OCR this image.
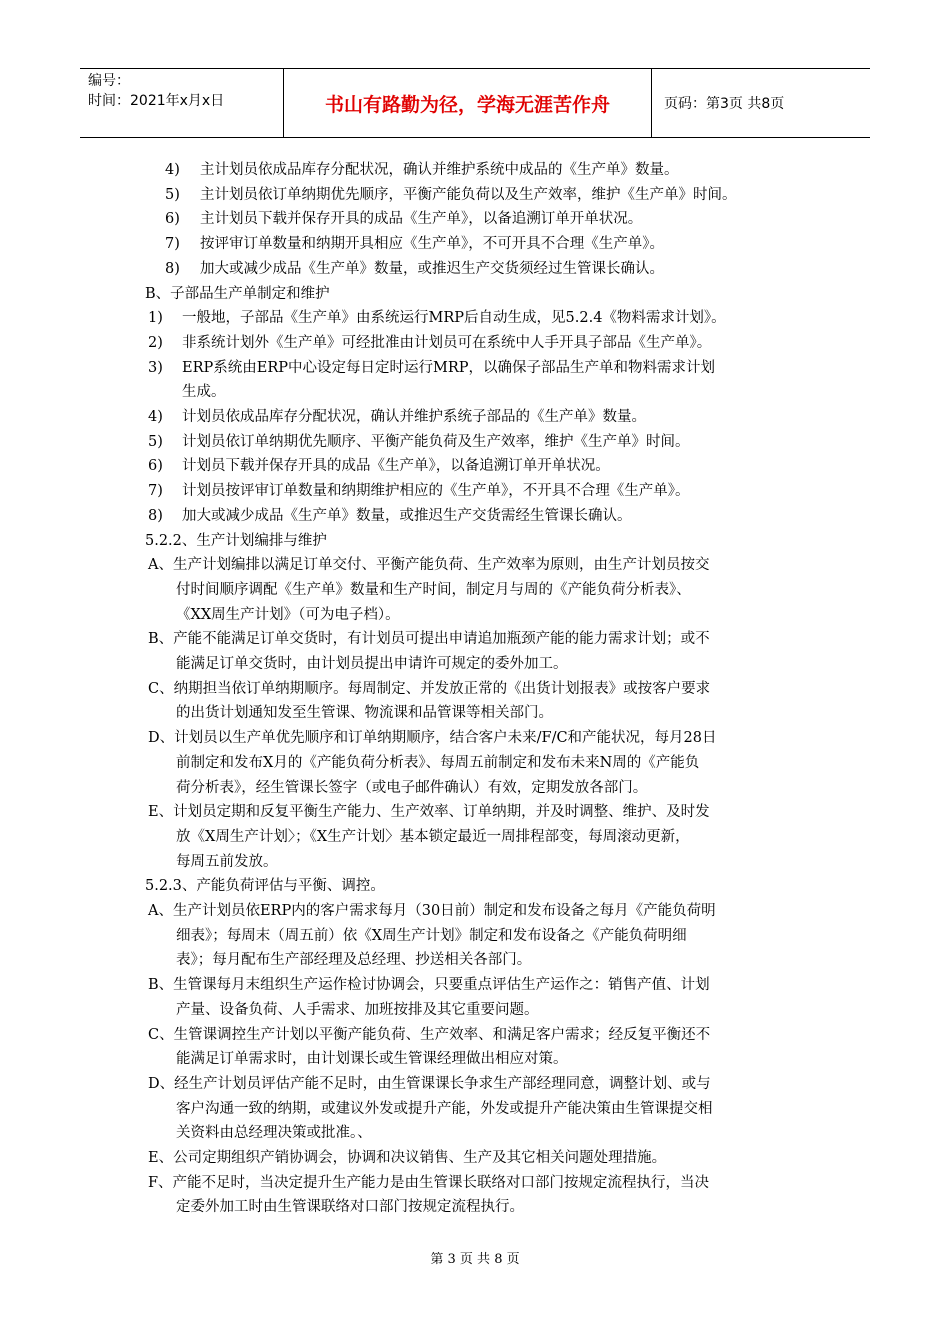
编号：
时间：2021年x月x日	书山有路勤为径，学海无涯苦作舟	页码：第3页 共8页
4) 主计划员依成品库存分配状况，确认并维护系统中成品的《生产单》数量。
5) 主计划员依订单纳期优先顺序，平衡产能负荷以及生产效率，维护《生产单》时间。
6) 主计划员下载并保存开具的成品《生产单》，以备追溯订单开单状况。
7) 按评审订单数量和纳期开具相应《生产单》，不可开具不合理《生产单》。
8) 加大或减少成品《生产单》数量，或推迟生产交货须经过生管课长确认。
B、子部品生产单制定和维护
1) 一般地，子部品《生产单》由系统运行MRP后自动生成，见5.2.4《物料需求计划》。
2) 非系统计划外《生产单》可经批准由计划员可在系统中人手开具子部品《生产单》。
3) ERP系统由ERP中心设定每日定时运行MRP，以确保子部品生产单和物料需求计划
生成。
4) 计划员依成品库存分配状况，确认并维护系统子部品的《生产单》数量。
5) 计划员依订单纳期优先顺序、平衡产能负荷及生产效率，维护《生产单》时间。
6) 计划员下载并保存开具的成品《生产单》，以备追溯订单开单状况。
7) 计划员按评审订单数量和纳期维护相应的《生产单》，不开具不合理《生产单》。
8) 加大或减少成品《生产单》数量，或推迟生产交货需经生管课长确认。
5.2.2、生产计划编排与维护
A、生产计划编排以满足订单交付、平衡产能负荷、生产效率为原则，由生产计划员按交
付时间顺序调配《生产单》数量和生产时间，制定月与周的《产能负荷分析表》、
《XX周生产计划》（可为电子档）。
B、产能不能满足订单交货时，有计划员可提出申请追加瓶颈产能的能力需求计划；或不
能满足订单交货时，由计划员提出申请许可规定的委外加工。
C、纳期担当依订单纳期顺序。每周制定、并发放正常的《出货计划报表》或按客户要求
的出货计划通知发至生管课、物流课和品管课等相关部门。
D、计划员以生产单优先顺序和订单纳期顺序，结合客户未来/F/C和产能状况，每月28日
前制定和发布X月的《产能负荷分析表》、每周五前制定和发布未来N周的《产能负
荷分析表》，经生管课长签字（或电子邮件确认）有效，定期发放各部门。
E、计划员定期和反复平衡生产能力、生产效率、订单纳期，并及时调整、维护、及时发
放《X周生产计划〉；《X生产计划〉基本锁定最近一周排程部变，每周滚动更新，
每周五前发放。
5.2.3、产能负荷评估与平衡、调控。
A、生产计划员依ERP内的客户需求每月（30日前）制定和发布设备之每月《产能负荷明
细表》；每周末（周五前）依《X周生产计划》制定和发布设备之《产能负荷明细
表》；每月配布生产部经理及总经理、抄送相关各部门。
B、生管课每月末组织生产运作检讨协调会，只要重点评估生产运作之：销售产值、计划
产量、设备负荷、人手需求、加班按排及其它重要问题。
C、生管课调控生产计划以平衡产能负荷、生产效率、和满足客户需求；经反复平衡还不
能满足订单需求时，由计划课长或生管课经理做出相应对策。
D、经生产计划员评估产能不足时，由生管课课长争求生产部经理同意，调整计划、或与
客户沟通一致的纳期，或建议外发或提升产能，外发或提升产能决策由生管课提交相
关资料由总经理决策或批准。、
E、公司定期组织产销协调会，协调和决议销售、生产及其它相关问题处理措施。
F、产能不足时，当决定提升生产能力是由生管课长联络对口部门按规定流程执行，当决
定委外加工时由生管课联络对口部门按规定流程执行。
第 3 页 共 8 页
